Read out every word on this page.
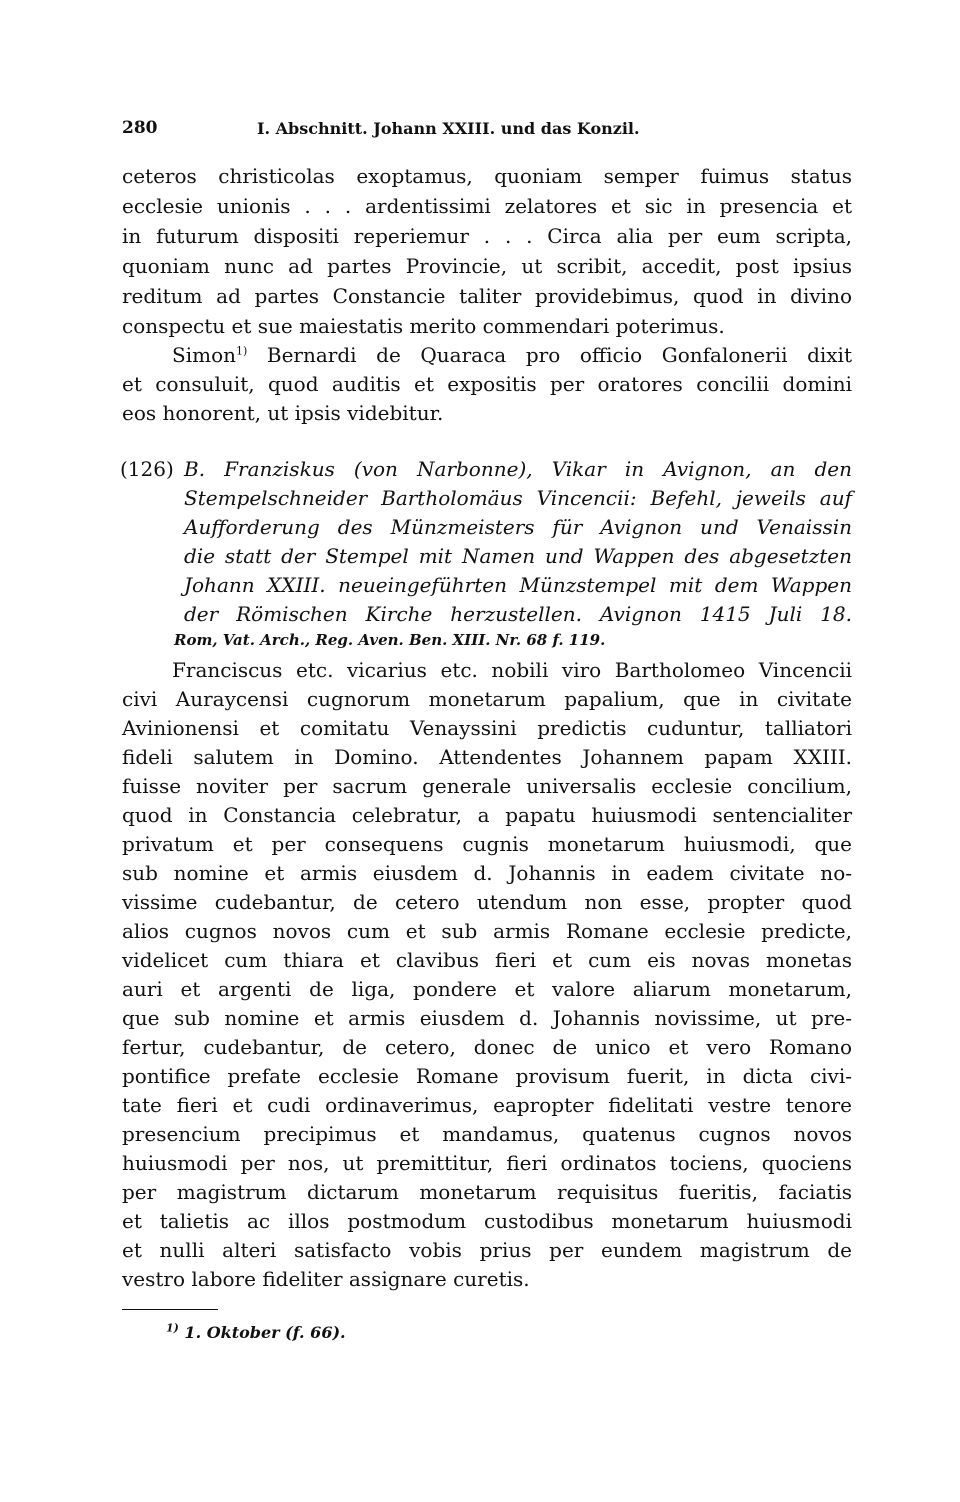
280	I. Abschnitt. Johann XXIII. und das Konzil.
ceteros christicolas exoptamus, quoniam semper fuimus status
ecclesie unionis . . . ardentissimi zelatores et sic in presencia et
in futurum dispositi reperiemur . . . Circa alia per eum scripta,
quoniam nunc ad partes Provincie, ut scribit, accedit, post ipsius
reditum ad partes Constancie taliter providebimus, quod in divino
conspectu et sue maiestatis merito commendari poterimus.
Simon$^{1)}$ Bernardi de Quaraca pro officio Gonfalonerii dixit
et consuluit, quod auditis et expositis per oratores concilii domini
eos honorent, ut ipsis videbitur.
(126) B. Franziskus (von Narbonne), Vikar in Avignon, an den
Stempelschneider Bartholomäus Vincencii: Befehl, jeweils auf
Aufforderung des Münzmeisters für Avignon und Venaissin
die statt der Stempel mit Namen und Wappen des abgesetzten
Johann XXIII. neueingeführten Münzstempel mit dem Wappen
der Römischen Kirche herzustellen. Avignon 1415 Juli 18.
Rom, Vat. Arch., Reg. Aven. Ben. XIII. Nr. 68 f. 119.
Franciscus etc. vicarius etc. nobili viro Bartholomeo Vincencii
civi Auraycensi cugnorum monetarum papalium, que in civitate
Avinionensi et comitatu Venayssini predictis cuduntur, talliatori
fideli salutem in Domino. Attendentes Johannem papam XXIII.
fuisse noviter per sacrum generale universalis ecclesie concilium,
quod in Constancia celebratur, a papatu huiusmodi sentencialiter
privatum et per consequens cugnis monetarum huiusmodi, que
sub nomine et armis eiusdem d. Johannis in eadem civitate no-
vissime cudebantur, de cetero utendum non esse, propter quod
alios cugnos novos cum et sub armis Romane ecclesie predicte,
videlicet cum thiara et clavibus fieri et cum eis novas monetas
auri et argenti de liga, pondere et valore aliarum monetarum,
que sub nomine et armis eiusdem d. Johannis novissime, ut pre-
fertur, cudebantur, de cetero, donec de unico et vero Romano
pontifice prefate ecclesie Romane provisum fuerit, in dicta civi-
tate fieri et cudi ordinaverimus, eapropter fidelitati vestre tenore
presencium precipimus et mandamus, quatenus cugnos novos
huiusmodi per nos, ut premittitur, fieri ordinatos tociens, quociens
per magistrum dictarum monetarum requisitus fueritis, faciatis
et talietis ac illos postmodum custodibus monetarum huiusmodi
et nulli alteri satisfacto vobis prius per eundem magistrum de
vestro labore fideliter assignare curetis.
$^{1)}$ 1. Oktober (f. 66).
